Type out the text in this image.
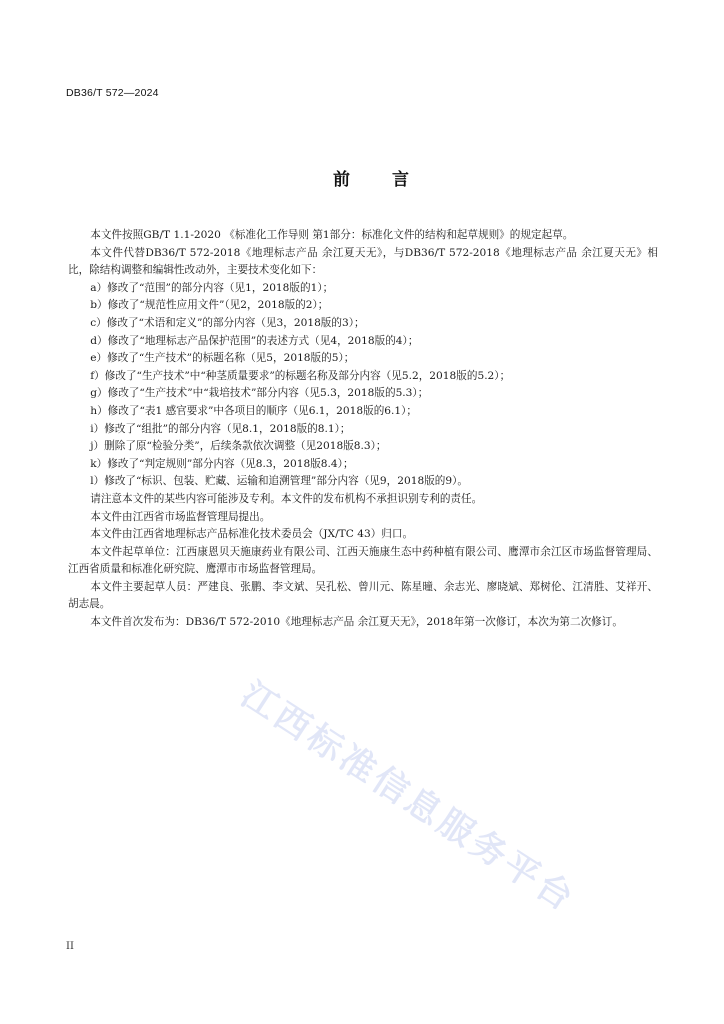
DB36/T 572—2024
前 言

本文件按照GB/T 1.1-2020 《标准化工作导则 第1部分：标准化文件的结构和起草规则》的规定起草。

本文件代替DB36/T 572-2018《地理标志产品 余江夏天无》，与DB36/T 572-2018《地理标志产品 余江夏天无》相比，除结构调整和编辑性改动外，主要技术变化如下：

a）修改了“范围”的部分内容（见1，2018版的1）；
b）修改了“规范性应用文件”（见2，2018版的2）；
c）修改了“术语和定义”的部分内容（见3，2018版的3）；
d）修改了“地理标志产品保护范围”的表述方式（见4，2018版的4）；
e）修改了“生产技术”的标题名称（见5，2018版的5）；
f）修改了“生产技术”中“种茎质量要求”的标题名称及部分内容（见5.2，2018版的5.2）；
g）修改了“生产技术”中“栽培技术”部分内容（见5.3，2018版的5.3）；
h）修改了“表1 感官要求”中各项目的顺序（见6.1，2018版的6.1）；
i）修改了“组批”的部分内容（见8.1，2018版的8.1）；
j）删除了原“检验分类”，后续条款依次调整（见2018版8.3）；
k）修改了“判定规则”部分内容（见8.3，2018版8.4）；
l）修改了“标识、包装、贮藏、运输和追溯管理”部分内容（见9，2018版的9）。

请注意本文件的某些内容可能涉及专利。本文件的发布机构不承担识别专利的责任。

本文件由江西省市场监督管理局提出。

本文件由江西省地理标志产品标准化技术委员会（JX/TC 43）归口。

本文件起草单位：江西康恩贝天施康药业有限公司、江西天施康生态中药种植有限公司、鹰潭市余江区市场监督管理局、江西省质量和标准化研究院、鹰潭市市场监督管理局。

本文件主要起草人员：严建良、张鹏、李文斌、吴孔松、曾川元、陈星曈、余志光、廖晓斌、郑树伦、江清胜、艾祥开、胡志晨。

本文件首次发布为：DB36/T 572-2010《地理标志产品 余江夏天无》，2018年第一次修订，本次为第二次修订。

江西标准信息服务平台
II
